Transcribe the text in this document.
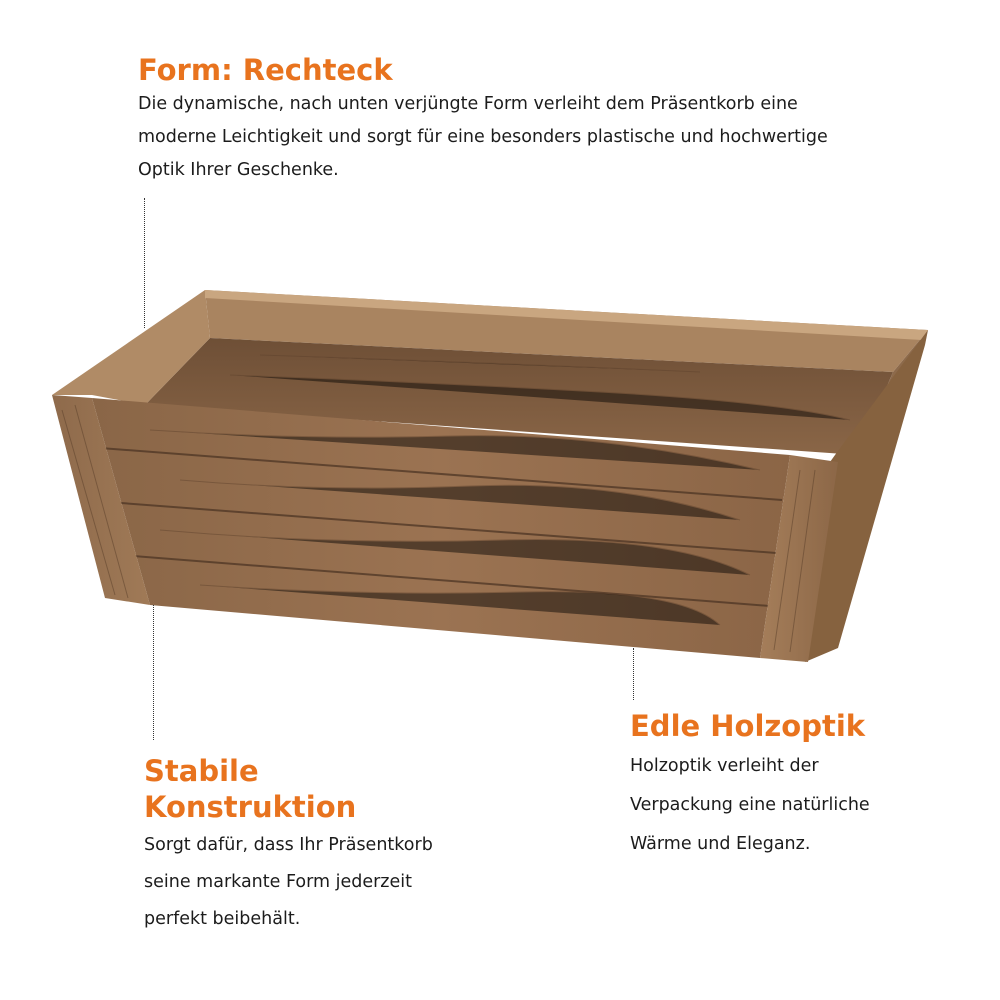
Form: Rechteck

Die dynamische, nach unten verjüngte Form verleiht dem Präsentkorb eine

moderne Leichtigkeit und sorgt für eine besonders plastische und hochwertige

Optik Ihrer Geschenke.

Stabile

Konstruktion

Sorgt dafür, dass Ihr Präsentkorb

seine markante Form jederzeit

perfekt beibehält.

Edle Holzoptik

Holzoptik verleiht der

Verpackung eine natürliche

Wärme und Eleganz.
